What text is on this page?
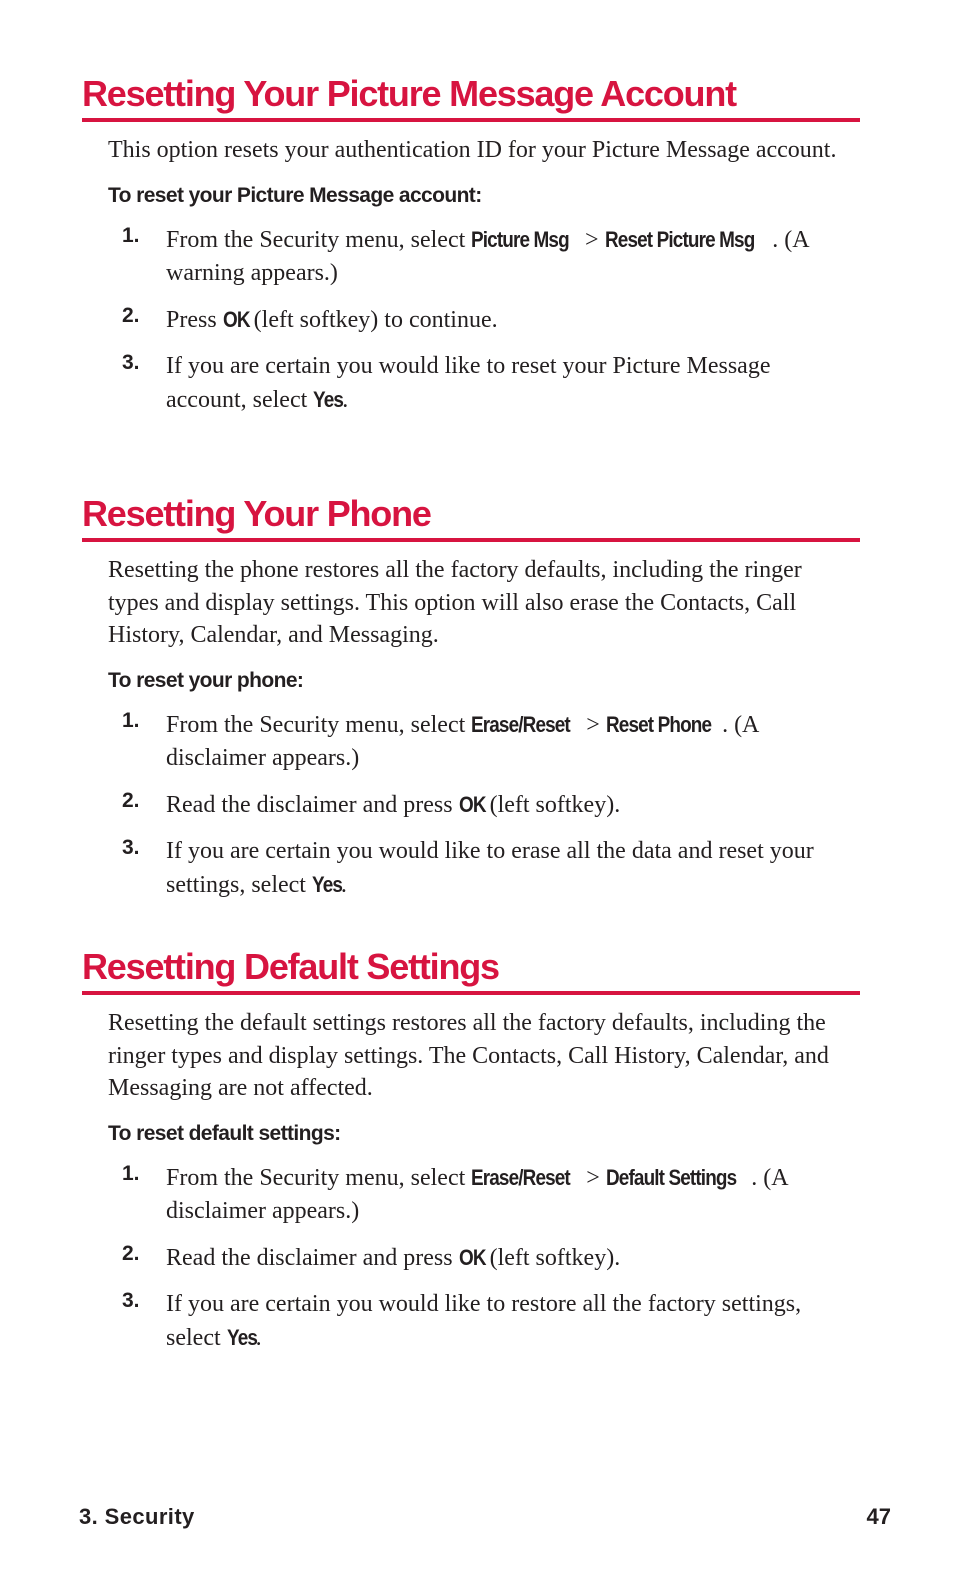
Resetting Your Picture Message Account

This option resets your authentication ID for your Picture Message account.

To reset your Picture Message account:

1. From the Security menu, select Picture Msg > Reset Picture Msg . (A warning appears.)
2. Press OK (left softkey) to continue.
3. If you are certain you would like to reset your Picture Message account, select Yes.
Resetting Your Phone

Resetting the phone restores all the factory defaults, including the ringer types and display settings. This option will also erase the Contacts, Call History, Calendar, and Messaging.

To reset your phone:

1. From the Security menu, select Erase/Reset > Reset Phone . (A disclaimer appears.)
2. Read the disclaimer and press OK (left softkey).
3. If you are certain you would like to erase all the data and reset your settings, select Yes.
Resetting Default Settings

Resetting the default settings restores all the factory defaults, including the ringer types and display settings. The Contacts, Call History, Calendar, and Messaging are not affected.

To reset default settings:

1. From the Security menu, select Erase/Reset > Default Settings . (A disclaimer appears.)
2. Read the disclaimer and press OK (left softkey).
3. If you are certain you would like to restore all the factory settings, select Yes.
3. Security	47
